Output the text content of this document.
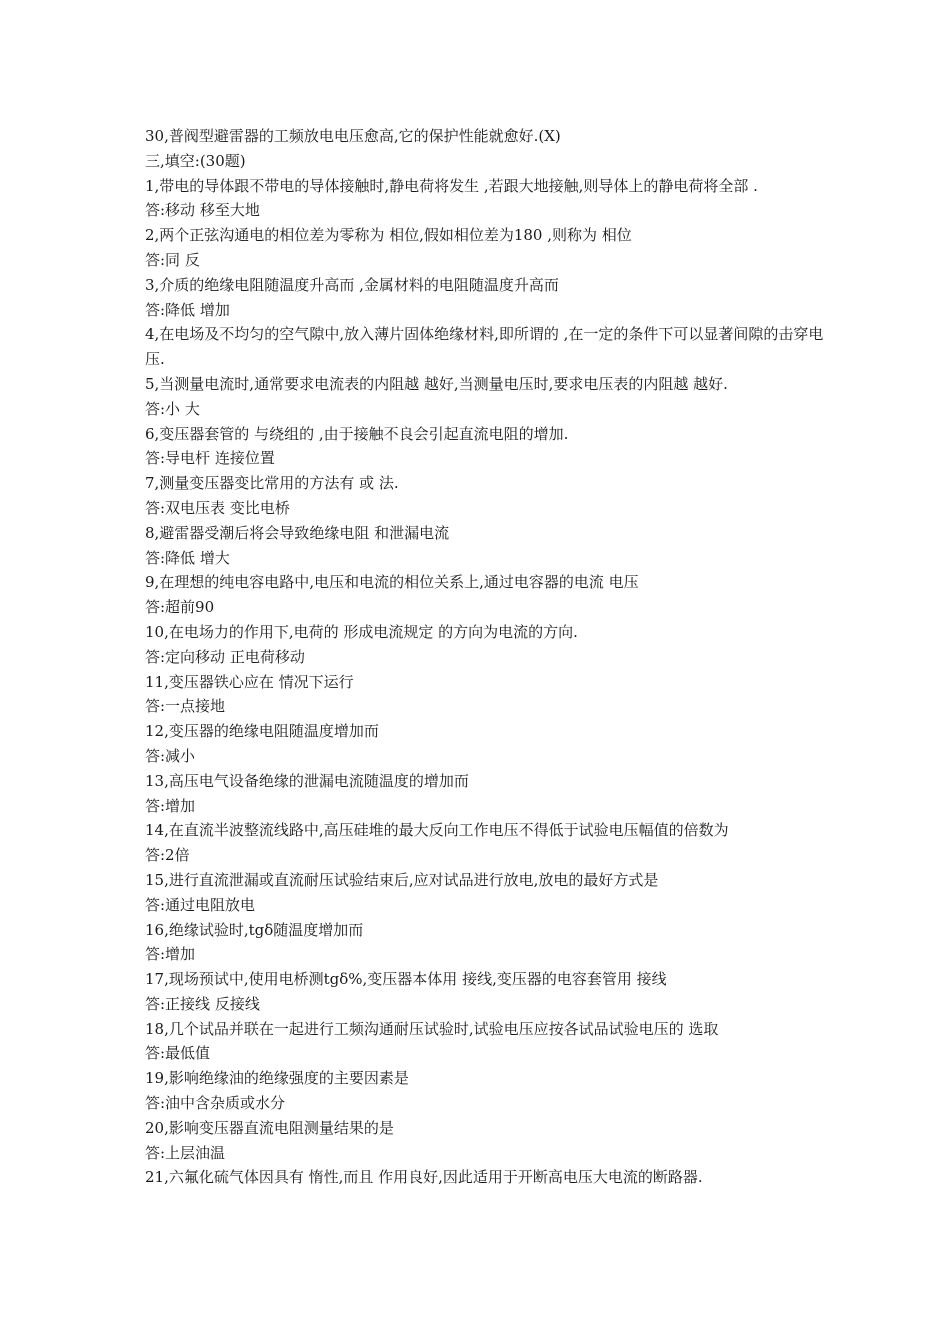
30,普阀型避雷器的工频放电电压愈高,它的保护性能就愈好.(X)

三,填空:(30题)

1,带电的导体跟不带电的导体接触时,静电荷将发生 ,若跟大地接触,则导体上的静电荷将全部 .

答:移动 移至大地

2,两个正弦沟通电的相位差为零称为 相位,假如相位差为180 ,则称为 相位

答:同 反

3,介质的绝缘电阻随温度升高而 ,金属材料的电阻随温度升高而

答:降低 增加

4,在电场及不均匀的空气隙中,放入薄片固体绝缘材料,即所谓的 ,在一定的条件下可以显著间隙的击穿电压.

5,当测量电流时,通常要求电流表的内阻越 越好,当测量电压时,要求电压表的内阻越 越好.

答:小 大

6,变压器套管的 与绕组的 ,由于接触不良会引起直流电阻的增加.

答:导电杆 连接位置

7,测量变压器变比常用的方法有 或 法.

答:双电压表 变比电桥

8,避雷器受潮后将会导致绝缘电阻 和泄漏电流

答:降低 增大

9,在理想的纯电容电路中,电压和电流的相位关系上,通过电容器的电流 电压

答:超前90

10,在电场力的作用下,电荷的 形成电流规定 的方向为电流的方向.

答:定向移动 正电荷移动

11,变压器铁心应在 情况下运行

答:一点接地

12,变压器的绝缘电阻随温度增加而

答:减小

13,高压电气设备绝缘的泄漏电流随温度的增加而

答:增加

14,在直流半波整流线路中,高压硅堆的最大反向工作电压不得低于试验电压幅值的倍数为

答:2倍

15,进行直流泄漏或直流耐压试验结束后,应对试品进行放电,放电的最好方式是

答:通过电阻放电

16,绝缘试验时,tgδ随温度增加而

答:增加

17,现场预试中,使用电桥测tgδ%,变压器本体用 接线,变压器的电容套管用 接线

答:正接线 反接线

18,几个试品并联在一起进行工频沟通耐压试验时,试验电压应按各试品试验电压的 选取

答:最低值

19,影响绝缘油的绝缘强度的主要因素是

答:油中含杂质或水分

20,影响变压器直流电阻测量结果的是

答:上层油温

21,六氟化硫气体因具有 惰性,而且 作用良好,因此适用于开断高电压大电流的断路器.
